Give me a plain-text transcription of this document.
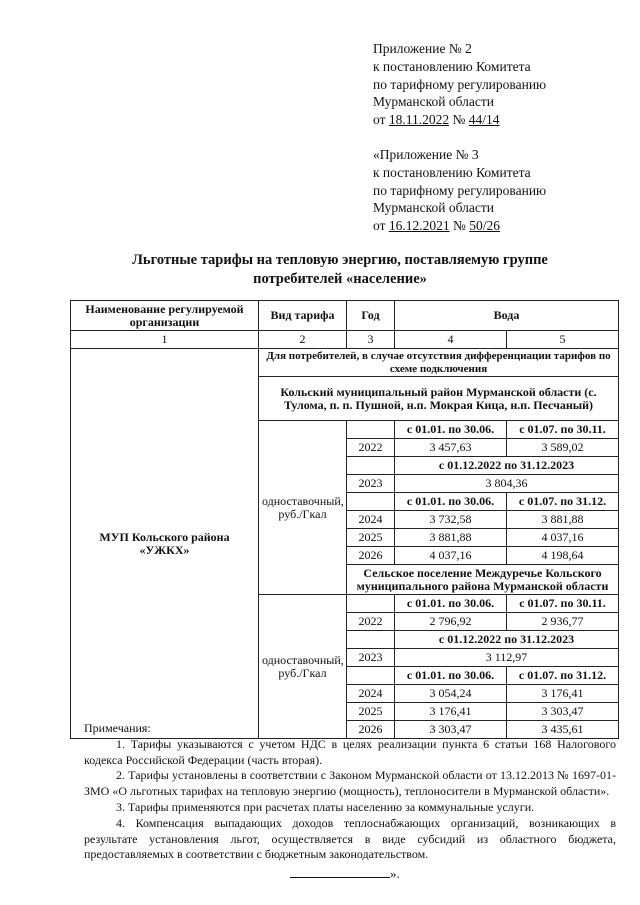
Приложение № 2
к постановлению Комитета
по тарифному регулированию
Мурманской области
от 18.11.2022 № 44/14
«Приложение № 3
к постановлению Комитета
по тарифному регулированию
Мурманской области
от 16.12.2021 № 50/26
Льготные тарифы на тепловую энергию, поставляемую группе
потребителей «население»
Наименование регулируемой организации	Вид тарифа	Год	Вода	
1	2	3	4	5
МУП Кольского района «УЖКХ»	Для потребителей, в случае отсутствия дифференциации тарифов по схеме подключения			
	Кольский муниципальный район Мурманской области (с. Тулома, п. п. Пушной, н.п. Мокрая Кица, н.п. Песчаный)			
	одноставочный, руб./Гкал		с 01.01. по 30.06.	с 01.07. по 30.11.
		2022	3 457,63	3 589,02
			с 01.12.2022 по 31.12.2023	
		2023	3 804,36	
			с 01.01. по 30.06.	с 01.07. по 31.12.
		2024	3 732,58	3 881,88
		2025	3 881,88	4 037,16
		2026	4 037,16	4 198,64
		Сельское поселение Междуречье Кольского муниципального района Мурманской области		
	одноставочный, руб./Гкал		с 01.01. по 30.06.	с 01.07. по 30.11.
		2022	2 796,92	2 936,77
			с 01.12.2022 по 31.12.2023	
		2023	3 112,97	
			с 01.01. по 30.06.	с 01.07. по 31.12.
		2024	3 054,24	3 176,41
		2025	3 176,41	3 303,47
		2026	3 303,47	3 435,61

Примечания:

1. Тарифы указываются с учетом НДС в целях реализации пункта 6 статьи 168 Налогового кодекса Российской Федерации (часть вторая).

2. Тарифы установлены в соответствии с Законом Мурманской области от 13.12.2013 № 1697-01-ЗМО «О льготных тарифах на тепловую энергию (мощность), теплоносители в Мурманской области».

3. Тарифы применяются при расчетах платы населению за коммунальные услуги.

4. Компенсация выпадающих доходов теплоснабжающих организаций, возникающих в результате установления льгот, осуществляется в виде субсидий из областного бюджета, предоставляемых в соответствии с бюджетным законодательством.

».
